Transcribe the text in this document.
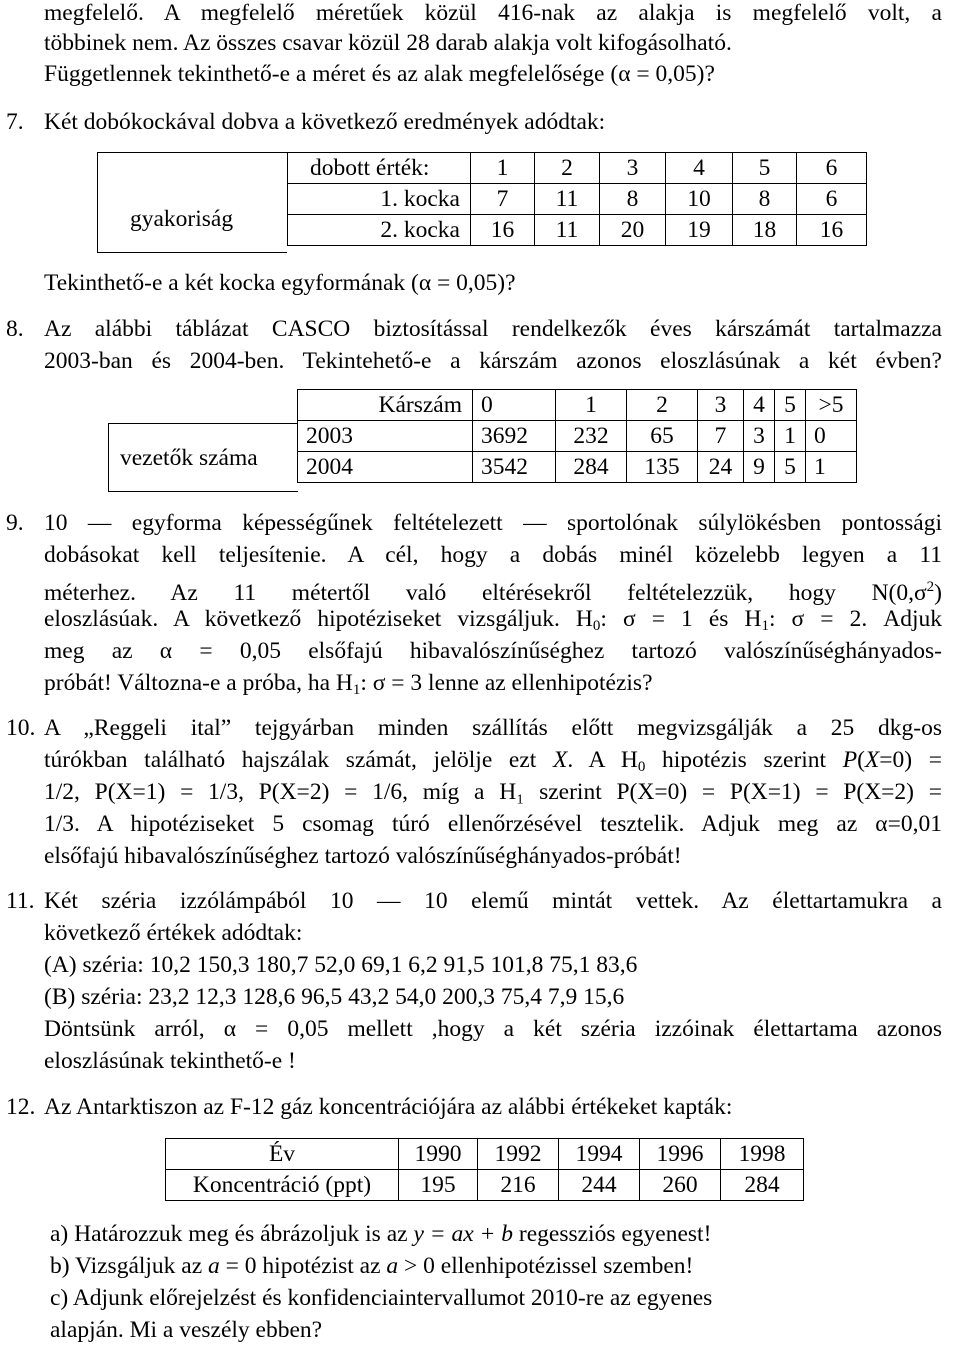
megfelelő. A megfelelő méretűek közül 416-nak az alakja is megfelelő volt, a
többinek nem. Az összes csavar közül 28 darab alakja volt kifogásolható.
Függetlennek tekinthető-e a méret és az alak megfelelősége (α = 0,05)?
7. Két dobókockával dobva a következő eredmények adódtak:
gyakoriság
dobott érték:	1	2	3	4	5	6
1. kocka	7	11	8	10	8	6
2. kocka	16	11	20	19	18	16
Tekinthető-e a két kocka egyformának (α = 0,05)?
8. Az alábbi táblázat CASCO biztosítással rendelkezők éves kárszámát tartalmazza
2003-ban és 2004-ben. Tekintehető-e a kárszám azonos eloszlásúnak a két évben?
vezetők száma
Kárszám	0	1	2	3	4	5	>5
2003	3692	232	65	7	3	1	0
2004	3542	284	135	24	9	5	1
9. 10 — egyforma képességűnek feltételezett — sportolónak súlylökésben pontossági
dobásokat kell teljesítenie. A cél, hogy a dobás minél közelebb legyen a 11
méterhez. Az 11 métertől való eltérésekről feltételezzük, hogy $N(0,\sigma^2)$
eloszlásúak. A következő hipotéziseket vizsgáljuk. $H_0$: σ = 1 és $H_1$: σ = 2. Adjuk
meg az α = 0,05 elsőfajú hibavalószínűséghez tartozó valószínűséghányados-
próbát! Változna-e a próba, ha $H_1$: σ = 3 lenne az ellenhipotézis?
10. A „Reggeli ital” tejgyárban minden szállítás előtt megvizsgálják a 25 dkg-os
túrókban található hajszálak számát, jelölje ezt X. A $H_0$ hipotézis szerint P(X=0) =
1/2, P(X=1) = 1/3, P(X=2) = 1/6, míg a H₁ szerint P(X=0) = P(X=1) = P(X=2) =
1/3. A hipotéziseket 5 csomag túró ellenőrzésével tesztelik. Adjuk meg az α=0,01
elsőfajú hibavalószínűséghez tartozó valószínűséghányados-próbát!
11. Két széria izzólámpából 10 — 10 elemű mintát vettek. Az élettartamukra a
következő értékek adódtak:
(A) széria: 10,2 150,3 180,7 52,0 69,1 6,2 91,5 101,8 75,1 83,6
(B) széria: 23,2 12,3 128,6 96,5 43,2 54,0 200,3 75,4 7,9 15,6
Döntsünk arról, α = 0,05 mellett ,hogy a két széria izzóinak élettartama azonos
eloszlásúnak tekinthető-e !
12. Az Antarktiszon az F-12 gáz koncentrációjára az alábbi értékeket kapták:
Év	1990	1992	1994	1996	1998
Koncentráció (ppt)	195	216	244	260	284
a) Határozzuk meg és ábrázoljuk is az y = ax + b regessziós egyenest!
b) Vizsgáljuk az a = 0 hipotézist az a > 0 ellenhipotézissel szemben!
c) Adjunk előrejelzést és konfidenciaintervallumot 2010-re az egyenes
alapján. Mi a veszély ebben?
